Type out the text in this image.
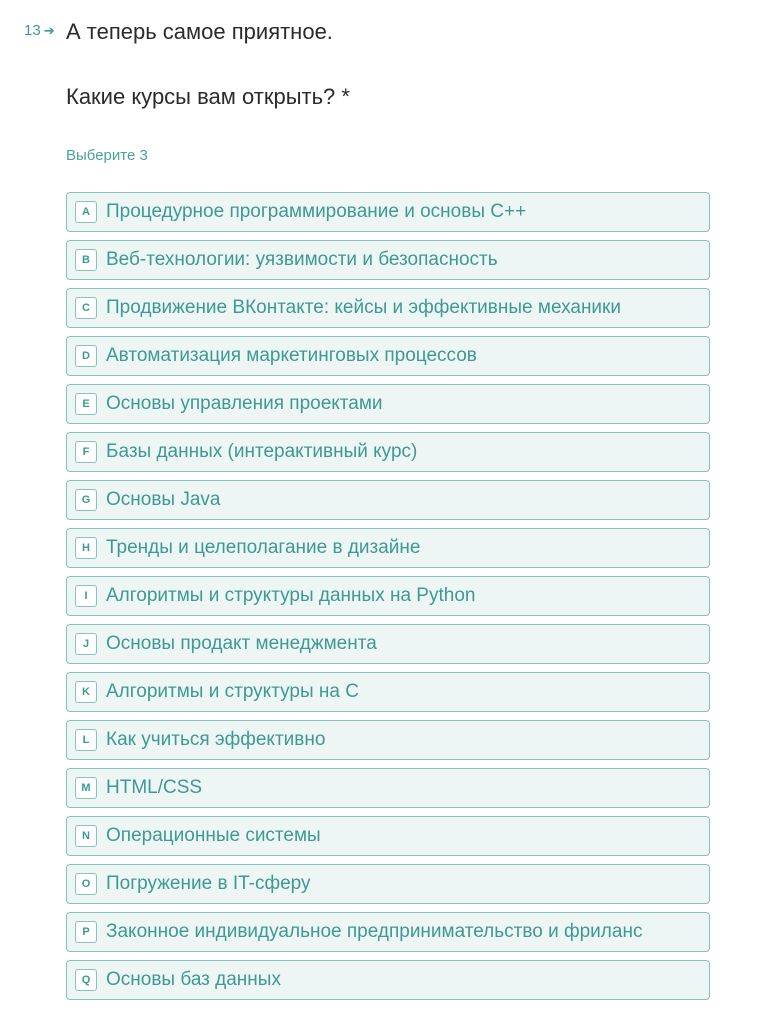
13 ➔ А теперь самое приятное.
Какие курсы вам открыть? *
Выберите 3
A Процедурное программирование и основы C++
B Веб-технологии: уязвимости и безопасность
C Продвижение ВКонтакте: кейсы и эффективные механики
D Автоматизация маркетинговых процессов
E Основы управления проектами
F Базы данных (интерактивный курс)
G Основы Java
H Тренды и целеполагание в дизайне
I Алгоритмы и структуры данных на Python
J Основы продакт менеджмента
K Алгоритмы и структуры на C
L Как учиться эффективно
M HTML/CSS
N Операционные системы
O Погружение в IT-сферу
P Законное индивидуальное предпринимательство и фриланс
Q Основы баз данных
